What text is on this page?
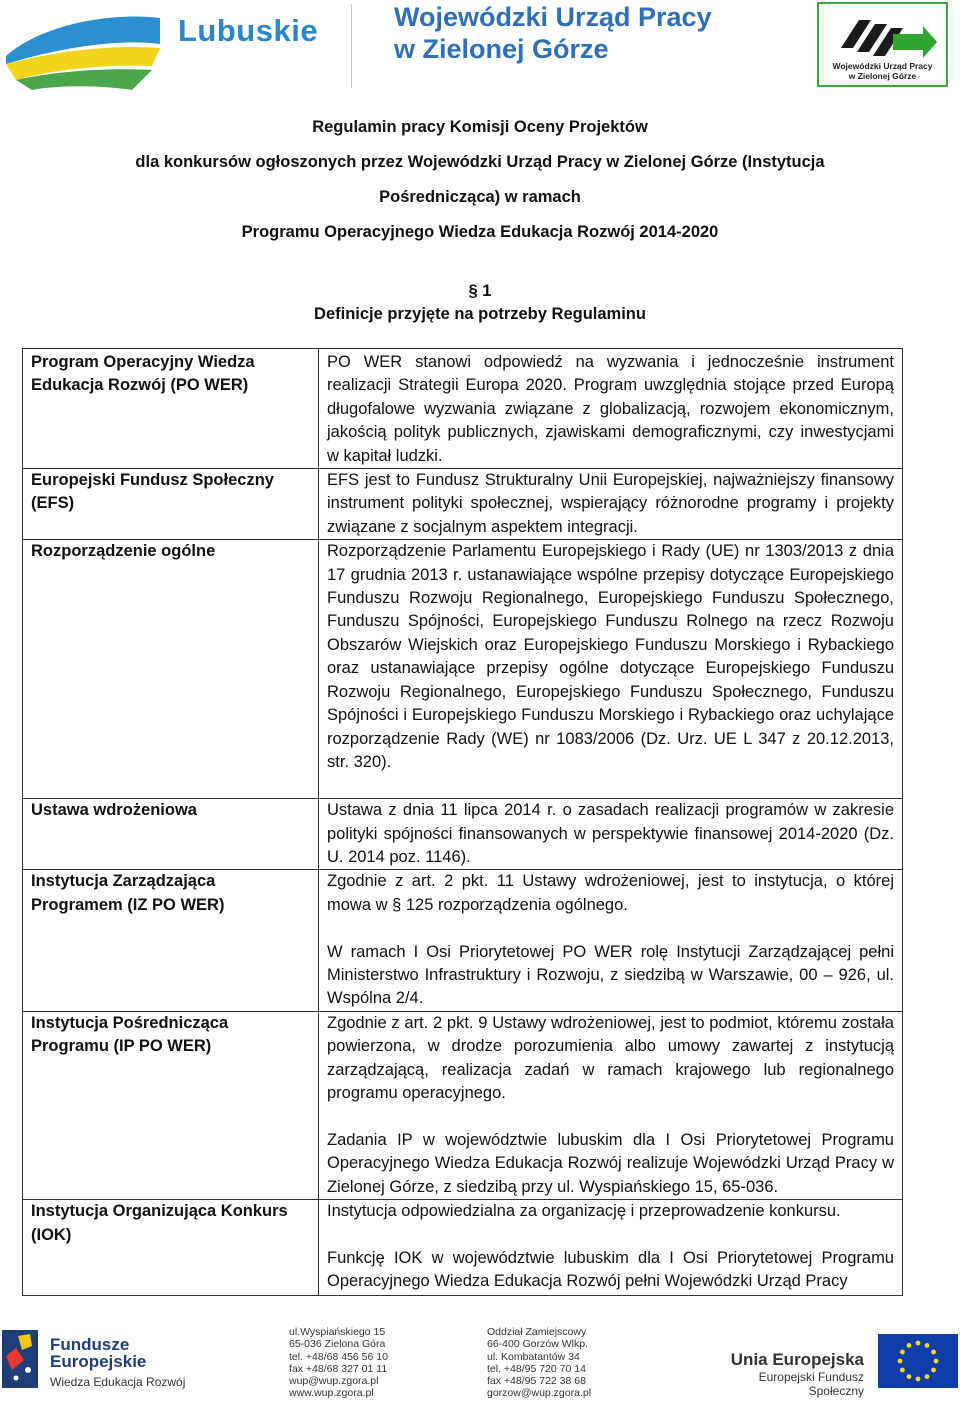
Lubuskie	Wojewódzki Urząd Pracy
w Zielonej Górze
Wojewódzki Urząd Pracy
w Zielonej Górze
Regulamin pracy Komisji Oceny Projektów
dla konkursów ogłoszonych przez Wojewódzki Urząd Pracy w Zielonej Górze (Instytucja
Pośrednicząca) w ramach
Programu Operacyjnego Wiedza Edukacja Rozwój 2014-2020
§ 1
Definicje przyjęte na potrzeby Regulaminu
Program Operacyjny Wiedza Edukacja Rozwój (PO WER)	PO WER stanowi odpowiedź na wyzwania i jednocześnie instrument realizacji Strategii Europa 2020. Program uwzględnia stojące przed Europą długofalowe wyzwania związane z globalizacją, rozwojem ekonomicznym, jakością polityk publicznych, zjawiskami demograficznymi, czy inwestycjami w kapitał ludzki.

Europejski Fundusz Społeczny (EFS)	EFS jest to Fundusz Strukturalny Unii Europejskiej, najważniejszy finansowy instrument polityki społecznej, wspierający różnorodne programy i projekty związane z socjalnym aspektem integracji.

Rozporządzenie ogólne	Rozporządzenie Parlamentu Europejskiego i Rady (UE) nr 1303/2013 z dnia 17 grudnia 2013 r. ustanawiające wspólne przepisy dotyczące Europejskiego Funduszu Rozwoju Regionalnego, Europejskiego Funduszu Społecznego, Funduszu Spójności, Europejskiego Funduszu Rolnego na rzecz Rozwoju Obszarów Wiejskich oraz Europejskiego Funduszu Morskiego i Rybackiego oraz ustanawiające przepisy ogólne dotyczące Europejskiego Funduszu Rozwoju Regionalnego, Europejskiego Funduszu Społecznego, Funduszu Spójności i Europejskiego Funduszu Morskiego i Rybackiego oraz uchylające rozporządzenie Rady (WE) nr 1083/2006 (Dz. Urz. UE L 347 z 20.12.2013, str. 320).

Ustawa wdrożeniowa	Ustawa z dnia 11 lipca 2014 r. o zasadach realizacji programów w zakresie polityki spójności finansowanych w perspektywie finansowej 2014-2020 (Dz. U. 2014 poz. 1146).

Instytucja Zarządzająca Programem (IZ PO WER)	Zgodnie z art. 2 pkt. 11 Ustawy wdrożeniowej, jest to instytucja, o której mowa w § 125 rozporządzenia ogólnego.

W ramach I Osi Priorytetowej PO WER rolę Instytucji Zarządzającej pełni Ministerstwo Infrastruktury i Rozwoju, z siedzibą w Warszawie, 00 – 926, ul. Wspólna 2/4.

Instytucja Pośrednicząca Programu (IP PO WER)	Zgodnie z art. 2 pkt. 9 Ustawy wdrożeniowej, jest to podmiot, któremu została powierzona, w drodze porozumienia albo umowy zawartej z instytucją zarządzającą, realizacja zadań w ramach krajowego lub regionalnego programu operacyjnego.

Zadania IP w województwie lubuskim dla I Osi Priorytetowej Programu Operacyjnego Wiedza Edukacja Rozwój realizuje Wojewódzki Urząd Pracy w Zielonej Górze, z siedzibą przy ul. Wyspiańskiego 15, 65-036.

Instytucja Organizująca Konkurs (IOK)	Instytucja odpowiedzialna za organizację i przeprowadzenie konkursu.

Funkcję IOK w województwie lubuskim dla I Osi Priorytetowej Programu Operacyjnego Wiedza Edukacja Rozwój pełni Wojewódzki Urząd Pracy

Fundusze
Europejskie
Wiedza Edukacja Rozwój
ul.Wyspiańskiego 15
65-036 Zielona Góra
tel. +48/68 456 56 10
fax +48/68 327 01 11
wup@wup.zgora.pl
www.wup.zgora.pl
Oddział Zamiejscowy
66-400 Gorzów Wlkp.
ul. Kombatantów 34
tel. +48/95 720 70 14
fax +48/95 722 38 68
gorzow@wup.zgora.pl
Unia Europejska
Europejski Fundusz Społeczny
